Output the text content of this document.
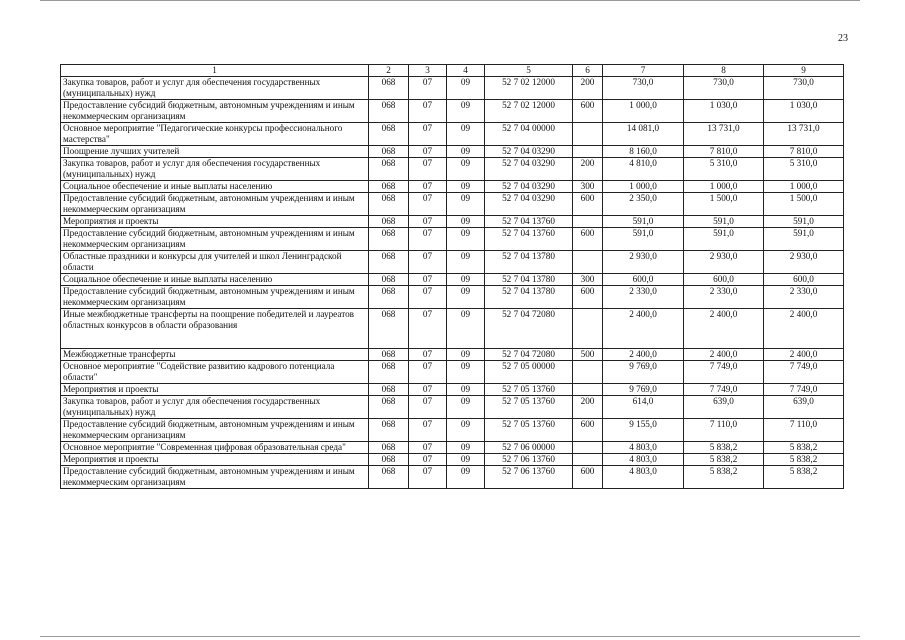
23
1	2	3	4	5	6	7	8	9
Закупка товаров, работ и услуг для обеспечения государственных (муниципальных) нужд	068	07	09	52 7 02 12000	200	730,0	730,0	730,0
Предоставление субсидий бюджетным, автономным учреждениям и иным некоммерческим организациям	068	07	09	52 7 02 12000	600	1 000,0	1 030,0	1 030,0
Основное мероприятие "Педагогические конкурсы профессионального мастерства"	068	07	09	52 7 04 00000		14 081,0	13 731,0	13 731,0
Поощрение лучших учителей	068	07	09	52 7 04 03290		8 160,0	7 810,0	7 810,0
Закупка товаров, работ и услуг для обеспечения государственных (муниципальных) нужд	068	07	09	52 7 04 03290	200	4 810,0	5 310,0	5 310,0
Социальное обеспечение и иные выплаты населению	068	07	09	52 7 04 03290	300	1 000,0	1 000,0	1 000,0
Предоставление субсидий бюджетным, автономным учреждениям и иным некоммерческим организациям	068	07	09	52 7 04 03290	600	2 350,0	1 500,0	1 500,0
Мероприятия и проекты	068	07	09	52 7 04 13760		591,0	591,0	591,0
Предоставление субсидий бюджетным, автономным учреждениям и иным некоммерческим организациям	068	07	09	52 7 04 13760	600	591,0	591,0	591,0
Областные праздники и конкурсы для учителей и школ Ленинградской области	068	07	09	52 7 04 13780		2 930,0	2 930,0	2 930,0
Социальное обеспечение и иные выплаты населению	068	07	09	52 7 04 13780	300	600,0	600,0	600,0
Предоставление субсидий бюджетным, автономным учреждениям и иным некоммерческим организациям	068	07	09	52 7 04 13780	600	2 330,0	2 330,0	2 330,0
Иные межбюджетные трансферты на поощрение победителей и лауреатов областных конкурсов в области образования	068	07	09	52 7 04 72080		2 400,0	2 400,0	2 400,0
Межбюджетные трансферты	068	07	09	52 7 04 72080	500	2 400,0	2 400,0	2 400,0
Основное мероприятие "Содействие развитию кадрового потенциала области"	068	07	09	52 7 05 00000		9 769,0	7 749,0	7 749,0
Мероприятия и проекты	068	07	09	52 7 05 13760		9 769,0	7 749,0	7 749,0
Закупка товаров, работ и услуг для обеспечения государственных (муниципальных) нужд	068	07	09	52 7 05 13760	200	614,0	639,0	639,0
Предоставление субсидий бюджетным, автономным учреждениям и иным некоммерческим организациям	068	07	09	52 7 05 13760	600	9 155,0	7 110,0	7 110,0
Основное мероприятие "Современная цифровая образовательная среда"	068	07	09	52 7 06 00000		4 803,0	5 838,2	5 838,2
Мероприятия и проекты	068	07	09	52 7 06 13760		4 803,0	5 838,2	5 838,2
Предоставление субсидий бюджетным, автономным учреждениям и иным некоммерческим организациям	068	07	09	52 7 06 13760	600	4 803,0	5 838,2	5 838,2
